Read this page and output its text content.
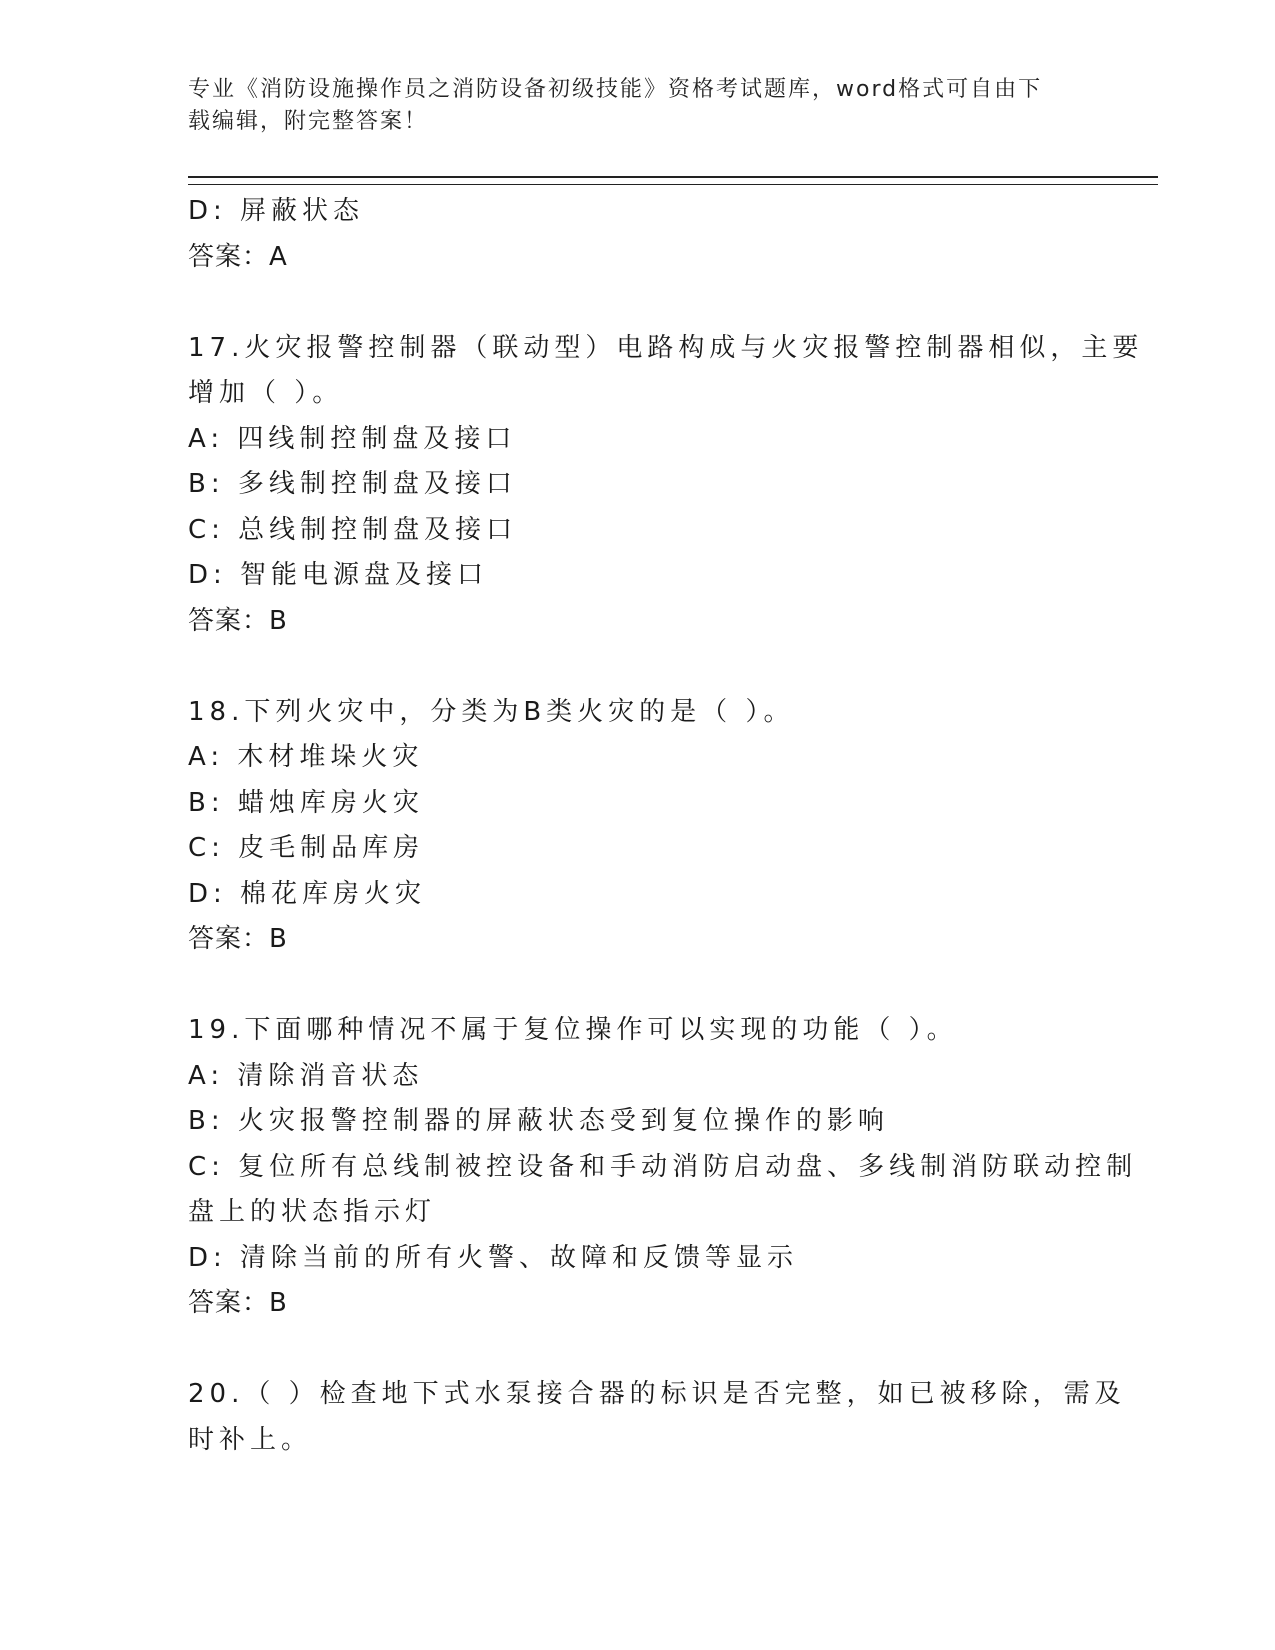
专业《消防设施操作员之消防设备初级技能》资格考试题库，word格式可自由下
载编辑，附完整答案！
D: 屏蔽状态
答案：A
17.火灾报警控制器（联动型）电路构成与火灾报警控制器相似，主要
增加（ ）。
A: 四线制控制盘及接口
B: 多线制控制盘及接口
C: 总线制控制盘及接口
D: 智能电源盘及接口
答案：B
18.下列火灾中，分类为B类火灾的是（ ）。
A: 木材堆垛火灾
B: 蜡烛库房火灾
C: 皮毛制品库房
D: 棉花库房火灾
答案：B
19.下面哪种情况不属于复位操作可以实现的功能（ ）。
A: 清除消音状态
B: 火灾报警控制器的屏蔽状态受到复位操作的影响
C: 复位所有总线制被控设备和手动消防启动盘、多线制消防联动控制
盘上的状态指示灯
D: 清除当前的所有火警、故障和反馈等显示
答案：B
20.（ ）检查地下式水泵接合器的标识是否完整，如已被移除，需及
时补上。
